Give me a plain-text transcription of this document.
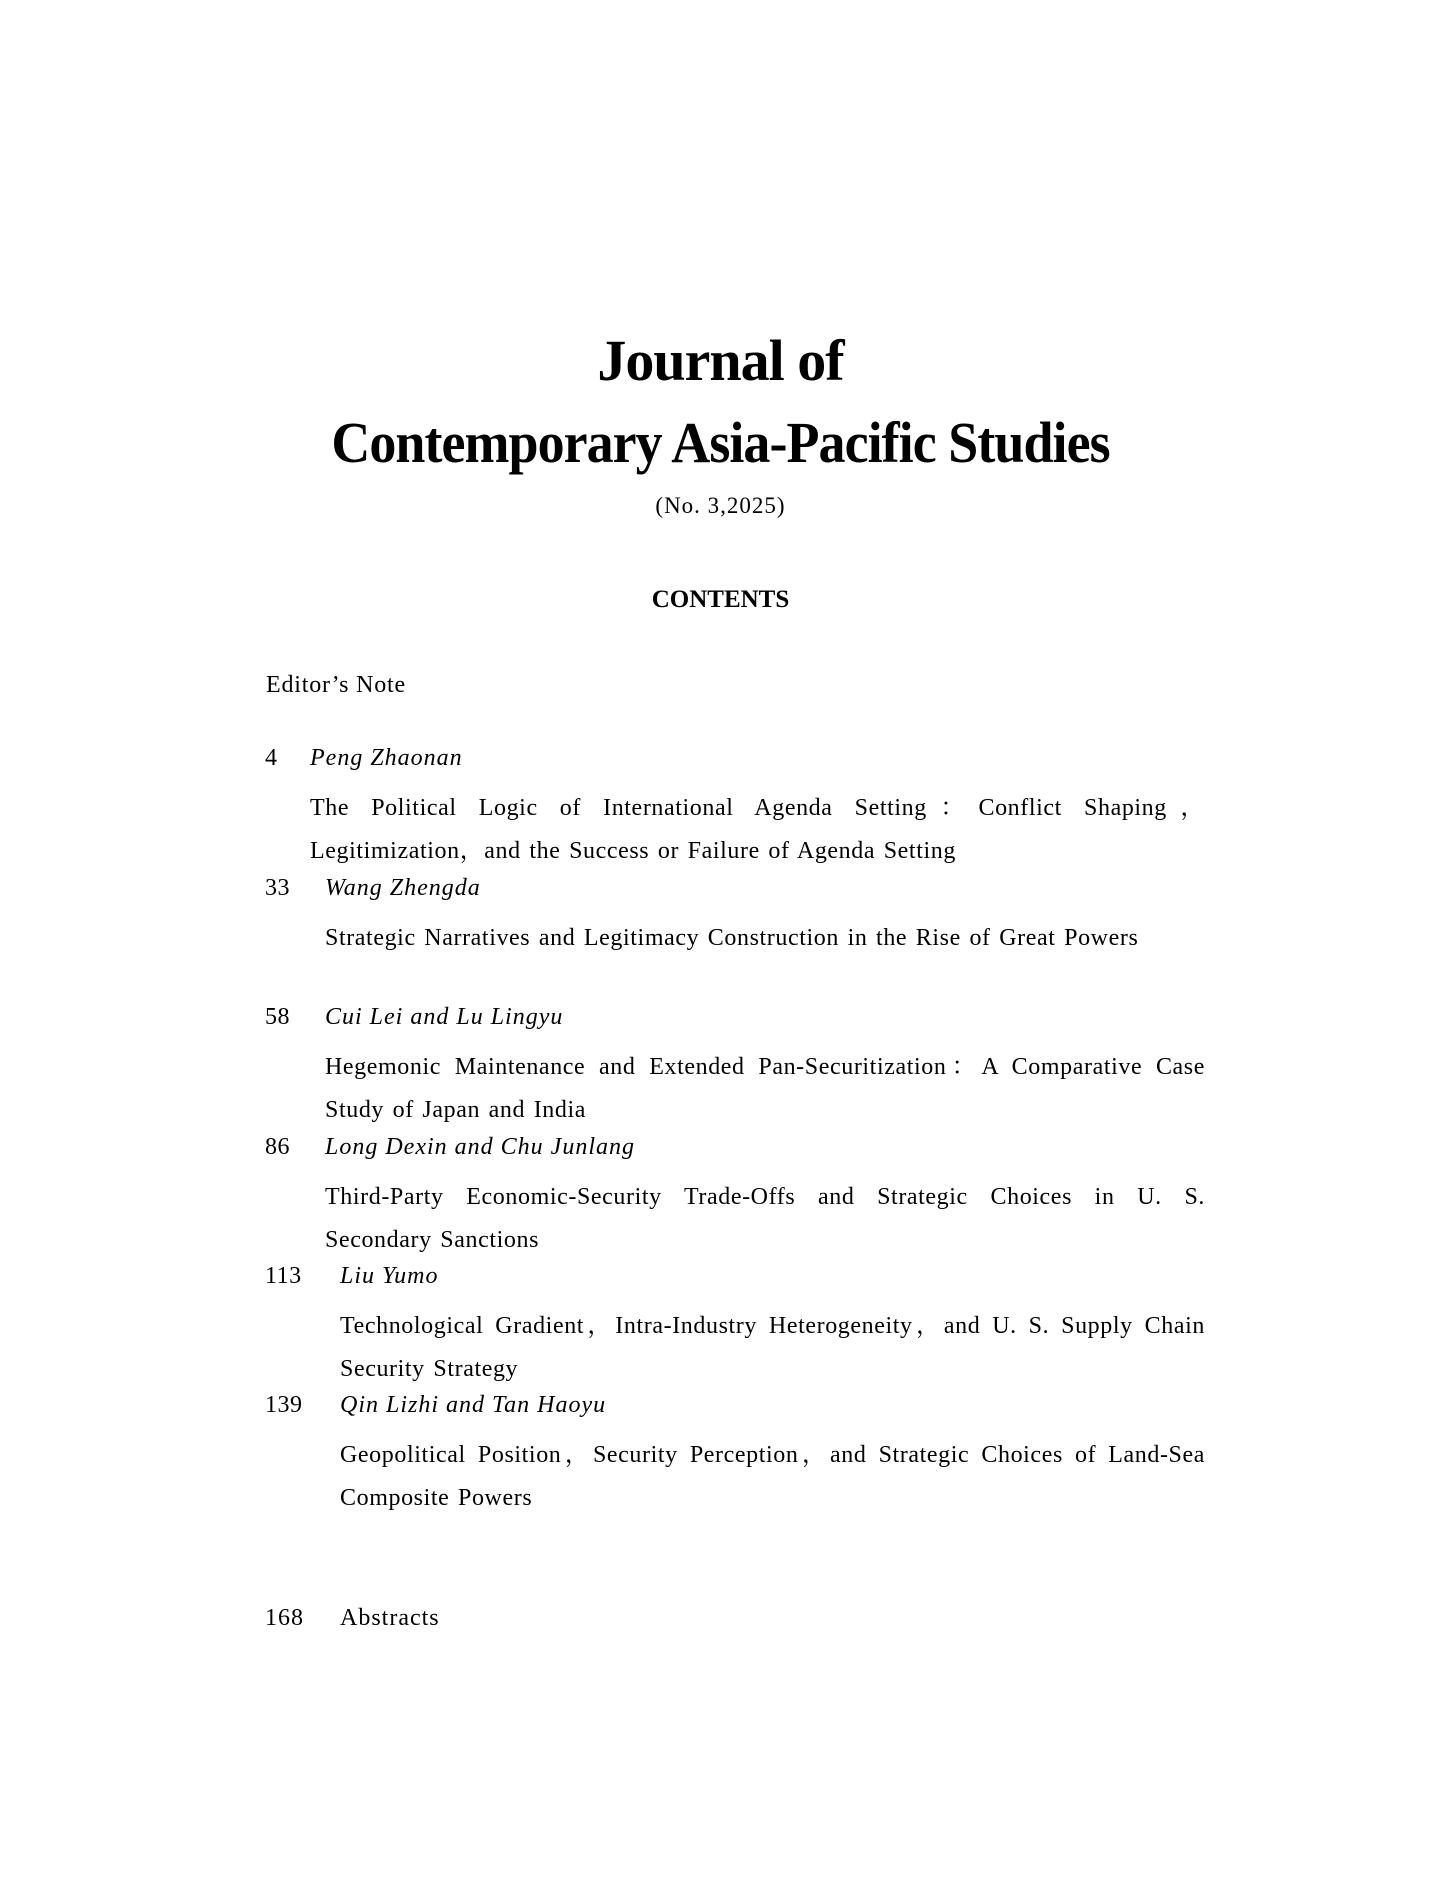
Journal of
Contemporary Asia-Pacific Studies
(No. 3,2025)
CONTENTS
Editor’s Note
4 Peng Zhaonan
The Political Logic of International Agenda Setting：Conflict Shaping，Legitimization，and the Success or Failure of Agenda Setting
33 Wang Zhengda
Strategic Narratives and Legitimacy Construction in the Rise of Great Powers
58 Cui Lei and Lu Lingyu
Hegemonic Maintenance and Extended Pan-Securitization：A Comparative Case Study of Japan and India
86 Long Dexin and Chu Junlang
Third-Party Economic-Security Trade-Offs and Strategic Choices in U. S. Secondary Sanctions
113 Liu Yumo
Technological Gradient，Intra-Industry Heterogeneity，and U. S. Supply Chain Security Strategy
139 Qin Lizhi and Tan Haoyu
Geopolitical Position，Security Perception，and Strategic Choices of Land-Sea Composite Powers
168 Abstracts
